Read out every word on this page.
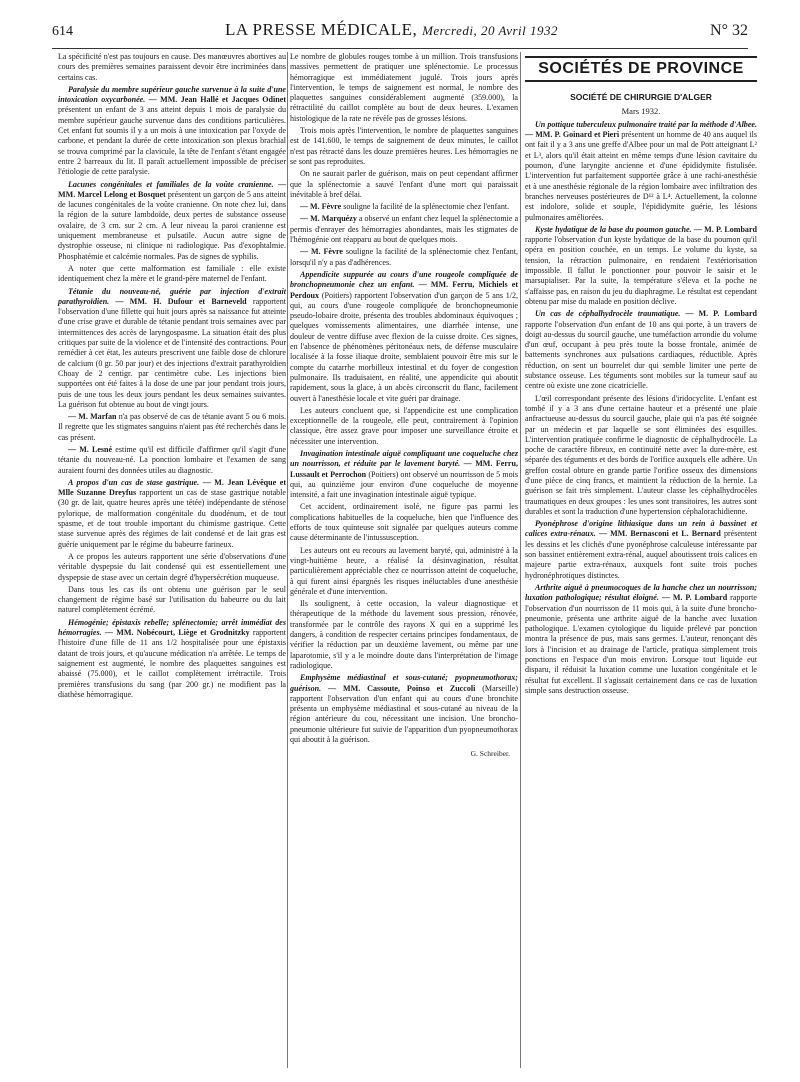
614	LA PRESSE MÉDICALE, Mercredi, 20 Avril 1932	N° 32

La spécificité n'est pas toujours en cause. Des manœuvres abortives au cours des premières semaines paraissent devoir être incriminées dans certains cas.

Paralysie du membre supérieur gauche survenue à la suite d'une intoxication oxycarbonée. — MM. Jean Hallé et Jacques Odinet présentent un enfant de 3 ans atteint depuis 1 mois de paralysie du membre supérieur gauche survenue dans des conditions particulières. Cet enfant fut soumis il y a un mois à une intoxication par l'oxyde de carbone, et pendant la durée de cette intoxication son plexus brachial se trouva comprimé par la clavicule, la tête de l'enfant s'étant engagée entre 2 barreaux du lit. Il paraît actuellement impossible de préciser l'étiologie de cette paralysie.

Lacunes congénitales et familiales de la voûte cranienne. — MM. Marcel Lelong et Bosquet présentent un garçon de 5 ans atteint de lacunes congénitales de la voûte cranienne. On note chez lui, dans la région de la suture lambdoïde, deux pertes de substance osseuse ovalaire, de 3 cm. sur 2 cm. A leur niveau la paroi cranienne est uniquement membraneuse et pulsatile. Aucun autre signe de dystrophie osseuse, ni clinique ni radiologique. Pas d'exophtalmie. Phosphatémie et calcémie normales. Pas de signes de syphilis.

A noter que cette malformation est familiale : elle existe identiquement chez la mère et le grand-père maternel de l'enfant.

Tétanie du nouveau-né, guérie par injection d'extrait parathyroïdien. — MM. H. Dufour et Barneveld rapportent l'observation d'une fillette qui huit jours après sa naissance fut atteinte d'une crise grave et durable de tétanie pendant trois semaines avec par intermittences des accès de laryngospasme. La situation était des plus critiques par suite de la violence et de l'intensité des contractions. Pour remédier à cet état, les auteurs prescrivent une faible dose de chlorure de calcium (0 gr. 50 par jour) et des injections d'extrait parathyroïdien Choay de 2 centigr. par centimètre cube. Les injections bien supportées ont été faites à la dose de une par jour pendant trois jours, puis de une tous les deux jours pendant les deux semaines suivantes. La guérison fut obtenue au bout de vingt jours.

— M. Marfan n'a pas observé de cas de tétanie avant 5 ou 6 mois. Il regrette que les stigmates sanguins n'aient pas été recherchés dans le cas présent.

— M. Lesné estime qu'il est difficile d'affirmer qu'il s'agit d'une tétanie du nouveau-né. La ponction lombaire et l'examen de sang auraient fourni des données utiles au diagnostic.

A propos d'un cas de stase gastrique. — M. Jean Lévêque et Mlle Suzanne Dreyfus rapportent un cas de stase gastrique notable (30 gr. de lait, quatre heures après une tétée) indépendante de sténose pylorique, de malformation congénitale du duodénum, et de tout spasme, et de tout trouble important du chimisme gastrique. Cette stase survenue après des régimes de lait condensé et de lait gras est guérie uniquement par le régime du babeurre farineux.

A ce propos les auteurs rapportent une série d'observations d'une véritable dyspepsie du lait condensé qui est essentiellement une dyspepsie de stase avec un certain degré d'hypersécrétion muqueuse.

Dans tous les cas ils ont obtenu une guérison par le seul changement de régime basé sur l'utilisation du babeurre ou du lait naturel complètement écrémé.

Hémogénie; épistaxis rebelle; splénectomie; arrêt immédiat des hémorragies. — MM. Nobécourt, Liège et Grodnitzky rapportent l'histoire d'une fille de 11 ans 1/2 hospitalisée pour une épistaxis datant de trois jours, et qu'aucune médication n'a arrêtée. Le temps de saignement est augmenté, le nombre des plaquettes sanguines est abaissé (75.000), et le caillot complètement irrétractile. Trois premières transfusions du sang (par 200 gr.) ne modifient pas la diathèse hémorragique.

Le nombre de globules rouges tombe à un million. Trois transfusions massives permettent de pratiquer une splénectomie. Le processus hémorragique est immédiatement jugulé. Trois jours après l'intervention, le temps de saignement est normal, le nombre des plaquettes sanguines considérablement augmenté (359.000), la rétractilité du caillot complète au bout de deux heures. L'examen histologique de la rate ne révèle pas de grosses lésions.

Trois mois après l'intervention, le nombre de plaquettes sanguines est de 141.600, le temps de saignement de deux minutes, le caillot n'est pas rétracté dans les douze premières heures. Les hémorragies ne se sont pas reproduites.

On ne saurait parler de guérison, mais on peut cependant affirmer que la splénectomie a sauvé l'enfant d'une mort qui paraissait inévitable à bref délai.

— M. Fèvre souligne la facilité de la splénectomie chez l'enfant.

— M. Marquézy a observé un enfant chez lequel la splénectomie a permis d'enrayer des hémorragies abondantes, mais les stigmates de l'hémogénie ont réapparu au bout de quelques mois.

— M. Fèvre souligne la facilité de la splénectomie chez l'enfant, lorsqu'il n'y a pas d'adhérences.

Appendicite suppurée au cours d'une rougeole compliquée de bronchopneumonie chez un enfant. — MM. Ferru, Michiels et Perdoux (Poitiers) rapportent l'observation d'un garçon de 5 ans 1/2, qui, au cours d'une rougeole compliquée de bronchopneumonie pseudo-lobaire droite, présenta des troubles abdominaux équivoques ; quelques vomissements alimentaires, une diarrhée intense, une douleur de ventre diffuse avec flexion de la cuisse droite. Ces signes, en l'absence de phénomènes péritonéaux nets, de défense musculaire localisée à la fosse iliaque droite, semblaient pouvoir être mis sur le compte du catarrhe morbilleux intestinal et du foyer de congestion pulmonaire. Ils traduisaient, en réalité, une appendicite qui aboutit rapidement, sous la glace, à un abcès circonscrit du flanc, facilement ouvert à l'anesthésie locale et vite guéri par drainage.

Les auteurs concluent que, si l'appendicite est une complication exceptionnelle de la rougeole, elle peut, contrairement à l'opinion classique, être assez grave pour imposer une surveillance étroite et nécessiter une intervention.

Invagination intestinale aiguë compliquant une coqueluche chez un nourrisson, et réduite par le lavement baryté. — MM. Ferru, Lussault et Perrochon (Poitiers) ont observé un nourrisson de 5 mois qui, au quinzième jour environ d'une coqueluche de moyenne intensité, a fait une invagination intestinale aiguë typique.

Cet accident, ordinairement isolé, ne figure pas parmi les complications habituelles de la coqueluche, bien que l'influence des efforts de toux quinteuse soit signalée par quelques auteurs comme cause déterminante de l'intussusception.

Les auteurs ont eu recours au lavement baryté, qui, administré à la vingt-huitième heure, a réalisé la désinvagination, résultat particulièrement appréciable chez ce nourrisson atteint de coqueluche, à qui furent ainsi épargnés les risques inéluctables d'une anesthésie générale et d'une intervention.

Ils soulignent, à cette occasion, la valeur diagnostique et thérapeutique de la méthode du lavement sous pression, rénovée, transformée par le contrôle des rayons X qui en a supprimé les dangers, à condition de respecter certains principes fondamentaux, de vérifier la réduction par un deuxième lavement, ou même par une laparotomie, s'il y a le moindre doute dans l'interprétation de l'image radiologique.

Emphysème médiastinal et sous-cutané; pyopneumothorax; guérison. — MM. Cassoute, Poinso et Zuccoli (Marseille) rapportent l'observation d'un enfant qui au cours d'une bronchite présenta un emphysème médiastinal et sous-cutané au niveau de la région antérieure du cou, nécessitant une incision. Une broncho-pneumonie ultérieure fut suivie de l'apparition d'un pyopneumothorax qui aboutit à la guérison.

G. Schreiber.
SOCIÉTÉS DE PROVINCE
SOCIÉTÉ DE CHIRURGIE D'ALGER
Mars 1932.

Un pottique tuberculeux pulmonaire traité par la méthode d'Albee. — MM. P. Goinard et Pieri présentent un homme de 40 ans auquel ils ont fait il y a 3 ans une greffe d'Albee pour un mal de Pott atteignant L² et L³, alors qu'il était atteint en même temps d'une lésion cavitaire du poumon, d'une laryngite ancienne et d'une épididymite fistulisée. L'intervention fut parfaitement supportée grâce à une rachi-anesthésie et à une anesthésie régionale de la région lombaire avec infiltration des branches nerveuses postérieures de D¹² à L⁴. Actuellement, la colonne est indolore, solide et souple, l'épididymite guérie, les lésions pulmonaires améliorées.

Kyste hydatique de la base du poumon gauche. — M. P. Lombard rapporte l'observation d'un kyste hydatique de la base du poumon qu'il opéra en position couchée, en un temps. Le volume du kyste, sa tension, la rétraction pulmonaire, en rendaient l'extériorisation impossible. Il fallut le ponctionner pour pouvoir le saisir et le marsupialiser. Par la suite, la température s'éleva et la poche ne s'affaisse pas, en raison du jeu du diaphragme. Le résultat est cependant obtenu par mise du malade en position déclive.

Un cas de céphalhydrocèle traumatique. — M. P. Lombard rapporte l'observation d'un enfant de 10 ans qui porte, à un travers de doigt au-dessus du sourcil gauche, une tuméfaction arrondie du volume d'un œuf, occupant à peu près toute la bosse frontale, animée de battements synchrones aux pulsations cardiaques, réductible. Après réduction, on sent un bourrelet dur qui semble limiter une perte de substance osseuse. Les téguments sont mobiles sur la tumeur sauf au centre où existe une zone cicatricielle.

L'œil correspondant présente des lésions d'iridocyclite. L'enfant est tombé il y a 3 ans d'une certaine hauteur et a présenté une plaie anfractueuse au-dessus du sourcil gauche, plaie qui n'a pas été soignée par un médecin et par laquelle se sont éliminées des esquilles. L'intervention pratiquée confirme le diagnostic de céphalhydrocèle. La poche de caractère fibreux, en continuité nette avec la dure-mère, est séparée des téguments et des bords de l'orifice auxquels elle adhère. Un greffon costal obture en grande partie l'orifice osseux des dimensions d'une pièce de cinq francs, et maintient la réduction de la hernie. La guérison se fait très simplement. L'auteur classe les céphalhydrocèles traumatiques en deux groupes : les unes sont transitoires, les autres sont durables et sont la traduction d'une hypertension céphalorachidienne.

Pyonéphrose d'origine lithiasique dans un rein à bassinet et calices extra-rénaux. — MM. Bernasconi et L. Bernard présentent les dessins et les clichés d'une pyonéphrose calculeuse intéressante par son bassinet entièrement extra-rénal, auquel aboutissent trois calices en majeure partie extra-rénaux, auxquels font suite trois poches hydronéphrotiques distinctes.

Arthrite aiguë à pneumocoques de la hanche chez un nourrisson; luxation pathologique; résultat éloigné. — M. P. Lombard rapporte l'observation d'un nourrisson de 11 mois qui, à la suite d'une broncho-pneumonie, présenta une arthrite aiguë de la hanche avec luxation pathologique. L'examen cytologique du liquide prélevé par ponction montra la présence de pus, mais sans germes. L'auteur, renonçant dès lors à l'incision et au drainage de l'article, pratiqua simplement trois ponctions en l'espace d'un mois environ. Lorsque tout liquide eut disparu, il réduisit la luxation comme une luxation congénitale et le résultat fut excellent. Il s'agissait certainement dans ce cas de luxation simple sans destruction osseuse.
